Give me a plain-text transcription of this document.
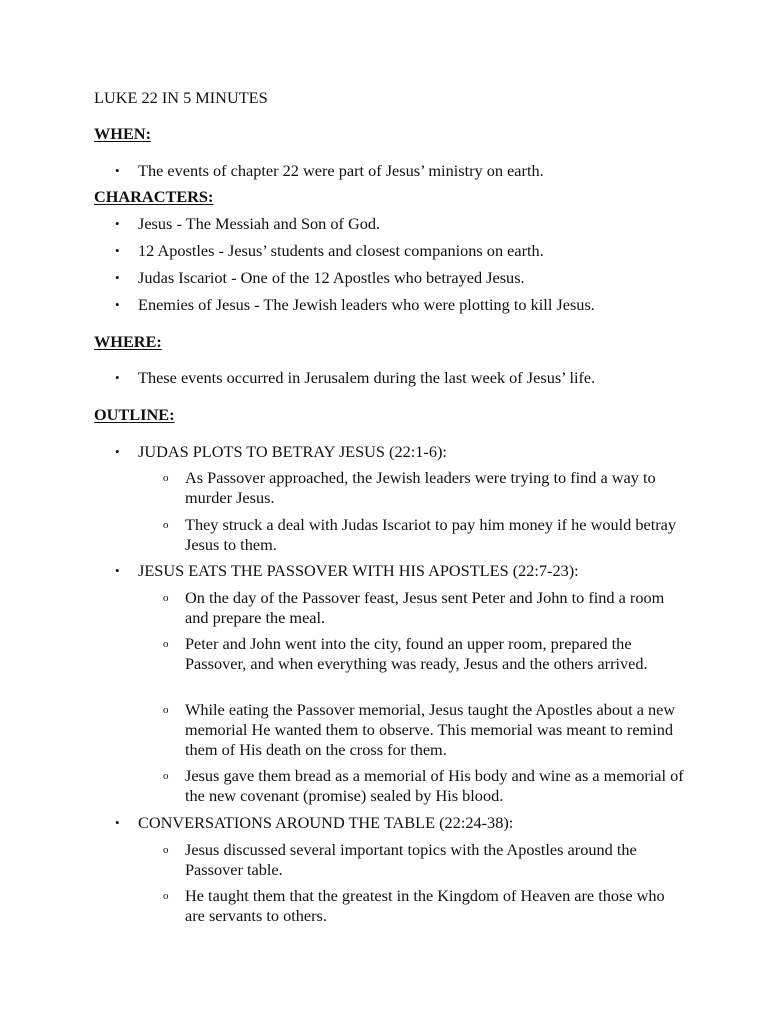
LUKE 22 IN 5 MINUTES
WHEN:

• The events of chapter 22 were part of Jesus’ ministry on earth.

CHARACTERS:

• Jesus - The Messiah and Son of God.

• 12 Apostles - Jesus’ students and closest companions on earth.

• Judas Iscariot - One of the 12 Apostles who betrayed Jesus.

• Enemies of Jesus - The Jewish leaders who were plotting to kill Jesus.

WHERE:

• These events occurred in Jerusalem during the last week of Jesus’ life.

OUTLINE:

• JUDAS PLOTS TO BETRAY JESUS (22:1-6):

o As Passover approached, the Jewish leaders were trying to find a way to murder Jesus.

o They struck a deal with Judas Iscariot to pay him money if he would betray Jesus to them.

• JESUS EATS THE PASSOVER WITH HIS APOSTLES (22:7-23):

o On the day of the Passover feast, Jesus sent Peter and John to find a room and prepare the meal.

o Peter and John went into the city, found an upper room, prepared the Passover, and when everything was ready, Jesus and the others arrived.

o While eating the Passover memorial, Jesus taught the Apostles about a new memorial He wanted them to observe. This memorial was meant to remind them of His death on the cross for them.

o Jesus gave them bread as a memorial of His body and wine as a memorial of the new covenant (promise) sealed by His blood.

• CONVERSATIONS AROUND THE TABLE (22:24-38):

o Jesus discussed several important topics with the Apostles around the Passover table.

o He taught them that the greatest in the Kingdom of Heaven are those who are servants to others.
